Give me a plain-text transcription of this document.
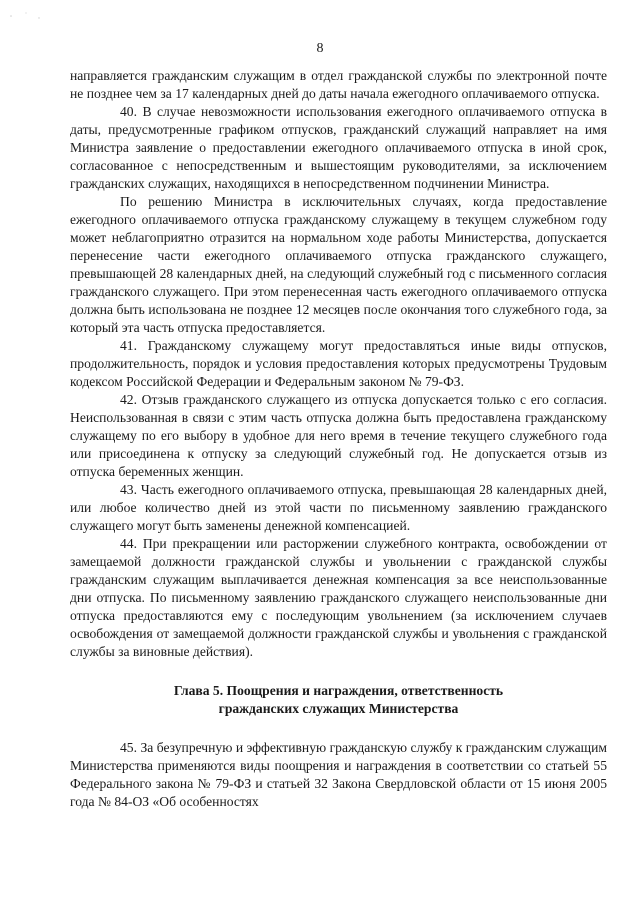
8

направляется гражданским служащим в отдел гражданской службы по электронной почте не позднее чем за 17 календарных дней до даты начала ежегодного оплачиваемого отпуска.

40. В случае невозможности использования ежегодного оплачиваемого отпуска в даты, предусмотренные графиком отпусков, гражданский служащий направляет на имя Министра заявление о предоставлении ежегодного оплачиваемого отпуска в иной срок, согласованное с непосредственным и вышестоящим руководителями, за исключением гражданских служащих, находящихся в непосредственном подчинении Министра.

По решению Министра в исключительных случаях, когда предоставление ежегодного оплачиваемого отпуска гражданскому служащему в текущем служебном году может неблагоприятно отразится на нормальном ходе работы Министерства, допускается перенесение части ежегодного оплачиваемого отпуска гражданского служащего, превышающей 28 календарных дней, на следующий служебный год с письменного согласия гражданского служащего. При этом перенесенная часть ежегодного оплачиваемого отпуска должна быть использована не позднее 12 месяцев после окончания того служебного года, за который эта часть отпуска предоставляется.

41. Гражданскому служащему могут предоставляться иные виды отпусков, продолжительность, порядок и условия предоставления которых предусмотрены Трудовым кодексом Российской Федерации и Федеральным законом № 79-ФЗ.

42. Отзыв гражданского служащего из отпуска допускается только с его согласия. Неиспользованная в связи с этим часть отпуска должна быть предоставлена гражданскому служащему по его выбору в удобное для него время в течение текущего служебного года или присоединена к отпуску за следующий служебный год. Не допускается отзыв из отпуска беременных женщин.

43. Часть ежегодного оплачиваемого отпуска, превышающая 28 календарных дней, или любое количество дней из этой части по письменному заявлению гражданского служащего могут быть заменены денежной компенсацией.

44. При прекращении или расторжении служебного контракта, освобождении от замещаемой должности гражданской службы и увольнении с гражданской службы гражданским служащим выплачивается денежная компенсация за все неиспользованные дни отпуска. По письменному заявлению гражданского служащего неиспользованные дни отпуска предоставляются ему с последующим увольнением (за исключением случаев освобождения от замещаемой должности гражданской службы и увольнения с гражданской службы за виновные действия).

Глава 5. Поощрения и награждения, ответственность
гражданских служащих Министерства

45. За безупречную и эффективную гражданскую службу к гражданским служащим Министерства применяются виды поощрения и награждения в соответствии со статьей 55 Федерального закона № 79-ФЗ и статьей 32 Закона Свердловской области от 15 июня 2005 года № 84-ОЗ «Об особенностях
